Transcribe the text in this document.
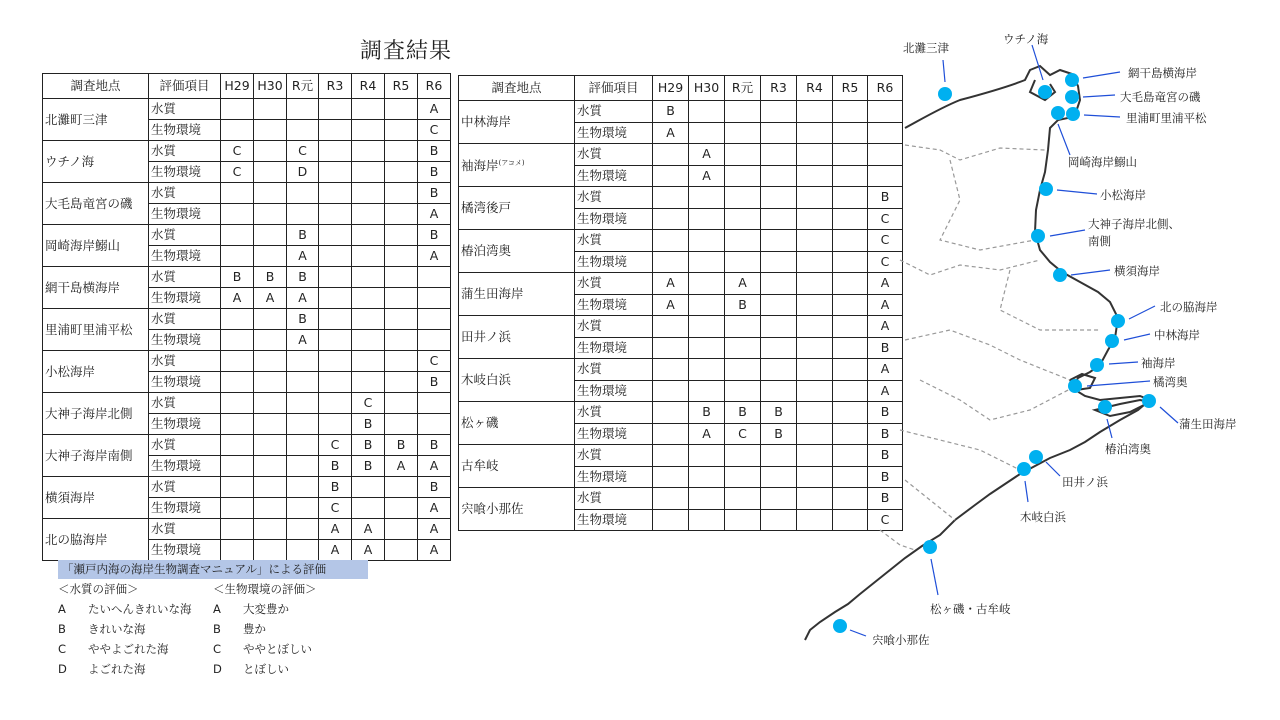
調査結果
調査地点	評価項目	H29	H30	R元	R3	R4	R5	R6
北灘町三津	水質							A
	生物環境							C
ウチノ海	水質	C		C				B
	生物環境	C		D				B
大毛島竜宮の磯	水質							B
	生物環境							A
岡崎海岸鰯山	水質			B				B
	生物環境			A				A
網干島横海岸	水質	B	B	B				
	生物環境	A	A	A				
里浦町里浦平松	水質			B				
	生物環境			A				
小松海岸	水質							C
	生物環境							B
大神子海岸北側	水質					C		
	生物環境					B		
大神子海岸南側	水質				C	B	B	B
	生物環境				B	B	A	A
横須海岸	水質				B			B
	生物環境				C			A
北の脇海岸	水質				A	A		A
	生物環境				A	A		A
調査地点	評価項目	H29	H30	R元	R3	R4	R5	R6
中林海岸	水質	B						
	生物環境	A						
袖海岸$^{(アコメ)}$	水質		A					
	生物環境		A					
橘湾後戸	水質							B
	生物環境							C
椿泊湾奥	水質							C
	生物環境							C
蒲生田海岸	水質	A		A				A
	生物環境	A		B				A
田井ノ浜	水質							A
	生物環境							B
木岐白浜	水質							A
	生物環境							A
松ヶ磯	水質		B	B	B			B
	生物環境		A	C	B			B
古牟岐	水質							B
	生物環境							B
宍喰小那佐	水質							B
	生物環境							C
「瀬戸内海の海岸生物調査マニュアル」による評価
＜水質の評価＞	＜生物環境の評価＞
A	たいへんきれいな海 A	大変豊か
B	きれいな海	B	豊か
C	ややよごれた海	C	ややとぼしい
D	よごれた海	D	とぼしい
北灘三津
ウチノ海
網干島横海岸
大毛島竜宮の磯
里浦町里浦平松
岡崎海岸鰯山
小松海岸
大神子海岸北側、
南側
横須海岸
北の脇海岸
中林海岸
袖海岸
橘湾奥
蒲生田海岸
椿泊湾奥
田井ノ浜
木岐白浜
松ヶ磯・古牟岐
宍喰小那佐
